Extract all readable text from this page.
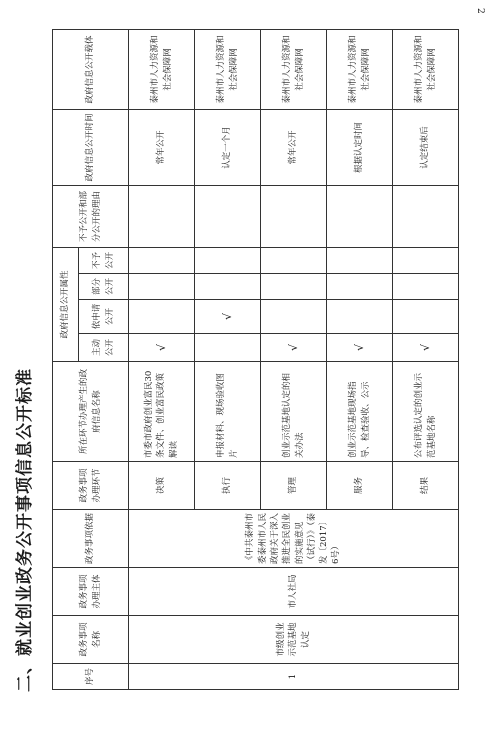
2
二、就业创业政务公开事项信息公开标准	序号	政务事项名称	政务事项办理主体	政务事项依据	政务事项办理环节	所在环节办理产生的政府信息名称	政府信息公开属性				不予公开和部分公开的理由	政府信息公开时间	政府信息公开载体
						主动公开	依申请公开	部分公开	不予公开			
1	市级创业示范基地认定	市人社局	《中共泰州市委泰州市人民政府关于深入推进全民创业的实施意见（试行）》（泰发〔2017〕6号）	决策	市委市政府创业富民30条文件、创业富民政策解读	√					常年公开	泰州市人力资源和社会保障网
				执行	申报材料、现场验收图片		√				认定一个月	泰州市人力资源和社会保障网
				管理	创业示范基地认定的相关办法	√					常年公开	泰州市人力资源和社会保障网
				服务	创业示范基地现场指导、检查验收、公示	√					根据认定时间	泰州市人力资源和社会保障网
				结果	公布评选认定的创业示范基地名称	√					认定结束后	泰州市人力资源和社会保障网
